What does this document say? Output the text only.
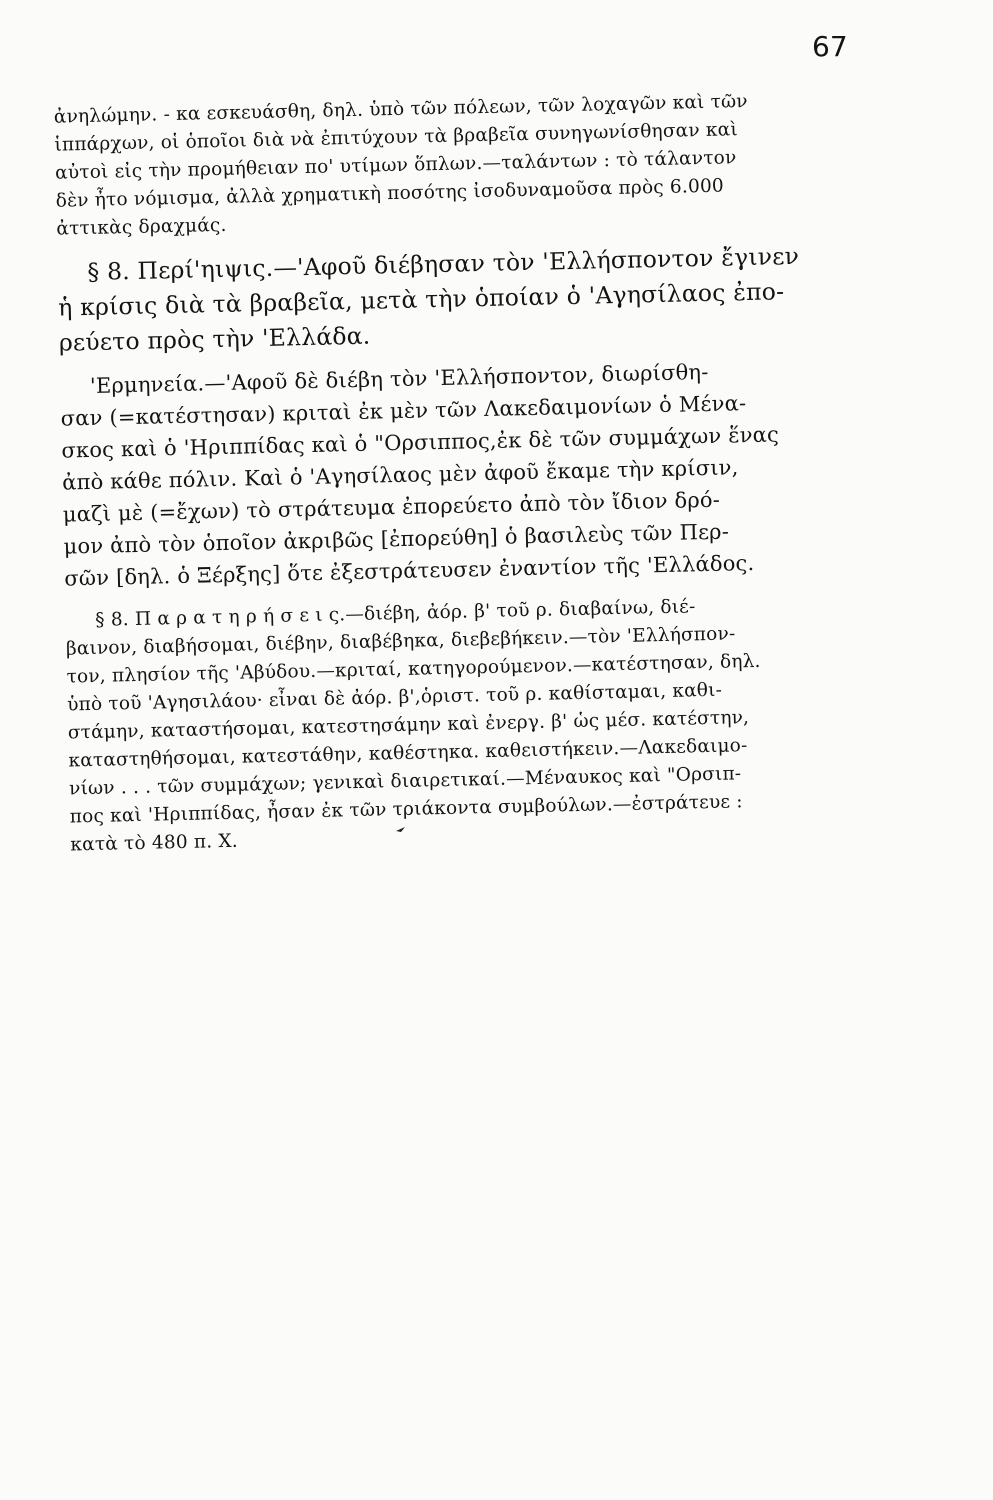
67
ἀνηλώμην. - κα εσκευάσθη, δηλ. ὑπὸ τῶν πόλεων, τῶν λοχαγῶν καὶ τῶν
ἱππάρχων, οἱ ὁποῖοι διὰ νὰ ἐπιτύχουν τὰ βραβεῖα συνηγωνίσθησαν καὶ
αὐτοὶ εἰς τὴν προμήθειαν πο' υτίμων ὅπλων.—ταλάντων : τὸ τάλαντον
δὲν ἦτο νόμισμα, ἀλλὰ χρηματικὴ ποσότης ἰσοδυναμοῦσα πρὸς 6.000
ἀττικὰς δραχμάς.
§ 8. Περί'ηιψις.—'Αφοῦ διέβησαν τὸν 'Ελλήσποντον ἔγινεν
ἡ κρίσις διὰ τὰ βραβεῖα, μετὰ τὴν ὁποίαν ὁ 'Αγησίλαος ἐπο-
ρεύετο πρὸς τὴν 'Ελλάδα.
'Ερμηνεία.—'Αφοῦ δὲ διέβη τὸν 'Ελλήσποντον, διωρίσθη-
σαν (=κατέστησαν) κριταὶ ἐκ μὲν τῶν Λακεδαιμονίων ὁ Μένα-
σκος καὶ ὁ 'Ηριππίδας καὶ ὁ "Ορσιππος,ἐκ δὲ τῶν συμμάχων ἕνας
ἀπὸ κάθε πόλιν. Καὶ ὁ 'Αγησίλαος μὲν ἀφοῦ ἔκαμε τὴν κρίσιν,
μαζὶ μὲ (=ἔχων) τὸ στράτευμα ἐπορεύετο ἀπὸ τὸν ἴδιον δρό-
μον ἀπὸ τὸν ὁποῖον ἀκριβῶς [ἐπορεύθη] ὁ βασιλεὺς τῶν Περ-
σῶν [δηλ. ὁ Ξέρξης] ὅτε ἐξεστράτευσεν ἐναντίον τῆς 'Ελλάδος.
§ 8. Π α ρ α τ η ρ ή σ ε ι ς.—διέβη, ἀόρ. β' τοῦ ρ. διαβαίνω, διέ-
βαινον, διαβήσομαι, διέβην, διαβέβηκα, διεβεβήκειν.—τὸν 'Ελλήσπον-
τον, πλησίον τῆς 'Αβύδου.—κριταί, κατηγορούμενον.—κατέστησαν, δηλ.
ὑπὸ τοῦ 'Αγησιλάου· εἶναι δὲ ἀόρ. β',ὁριστ. τοῦ ρ. καθίσταμαι, καθι-
στάμην, καταστήσομαι, κατεστησάμην καὶ ἐνεργ. β' ὡς μέσ. κατέστην,
καταστηθήσομαι, κατεστάθην, καθέστηκα. καθειστήκειν.—Λακεδαιμο-
νίων . . . τῶν συμμάχων; γενικαὶ διαιρετικαί.—Μέναυκος καὶ "Ορσιπ-
πος καὶ 'Ηριππίδας, ἦσαν ἐκ τῶν τριάκοντα συμβούλων.—ἐστράτευε :
κατὰ τὸ 480 π. Χ.
